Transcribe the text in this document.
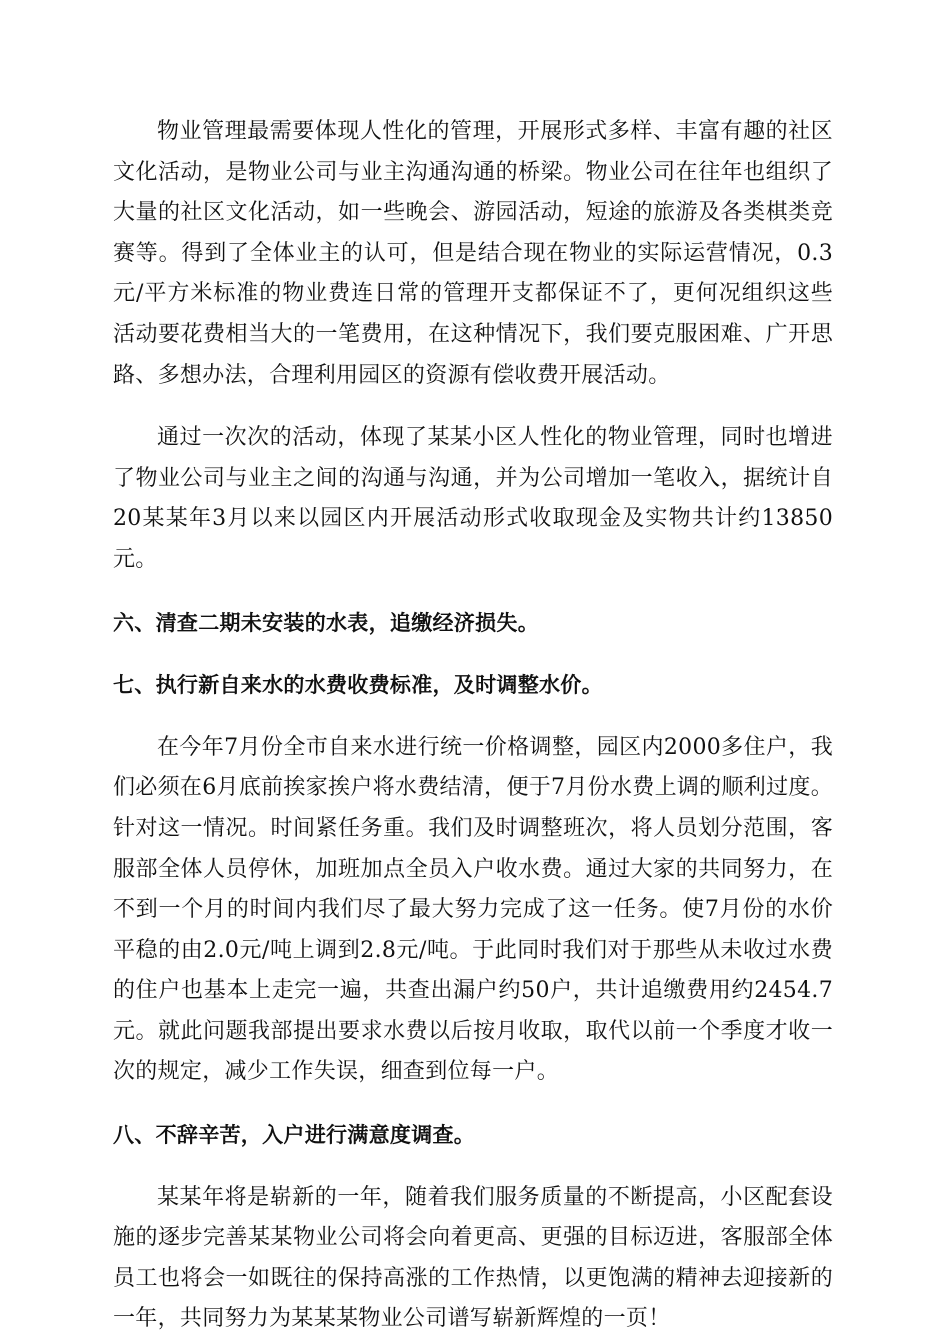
物业管理最需要体现人性化的管理，开展形式多样、丰富有趣的社区文化活动，是物业公司与业主沟通沟通的桥梁。物业公司在往年也组织了大量的社区文化活动，如一些晚会、游园活动，短途的旅游及各类棋类竞赛等。得到了全体业主的认可，但是结合现在物业的实际运营情况，0.3元/平方米标准的物业费连日常的管理开支都保证不了，更何况组织这些活动要花费相当大的一笔费用，在这种情况下，我们要克服困难、广开思路、多想办法，合理利用园区的资源有偿收费开展活动。

通过一次次的活动，体现了某某小区人性化的物业管理，同时也增进了物业公司与业主之间的沟通与沟通，并为公司增加一笔收入，据统计自20某某年3月以来以园区内开展活动形式收取现金及实物共计约13850元。

六、清查二期未安装的水表，追缴经济损失。

七、执行新自来水的水费收费标准，及时调整水价。

在今年7月份全市自来水进行统一价格调整，园区内2000多住户，我们必须在6月底前挨家挨户将水费结清，便于7月份水费上调的顺利过度。针对这一情况。时间紧任务重。我们及时调整班次，将人员划分范围，客服部全体人员停休，加班加点全员入户收水费。通过大家的共同努力，在不到一个月的时间内我们尽了最大努力完成了这一任务。使7月份的水价平稳的由2.0元/吨上调到2.8元/吨。于此同时我们对于那些从未收过水费的住户也基本上走完一遍，共查出漏户约50户，共计追缴费用约2454.7元。就此问题我部提出要求水费以后按月收取，取代以前一个季度才收一次的规定，减少工作失误，细查到位每一户。

八、不辞辛苦，入户进行满意度调查。

某某年将是崭新的一年，随着我们服务质量的不断提高，小区配套设施的逐步完善某某物业公司将会向着更高、更强的目标迈进，客服部全体员工也将会一如既往的保持高涨的工作热情，以更饱满的精神去迎接新的一年，共同努力为某某某物业公司谱写崭新辉煌的一页！
